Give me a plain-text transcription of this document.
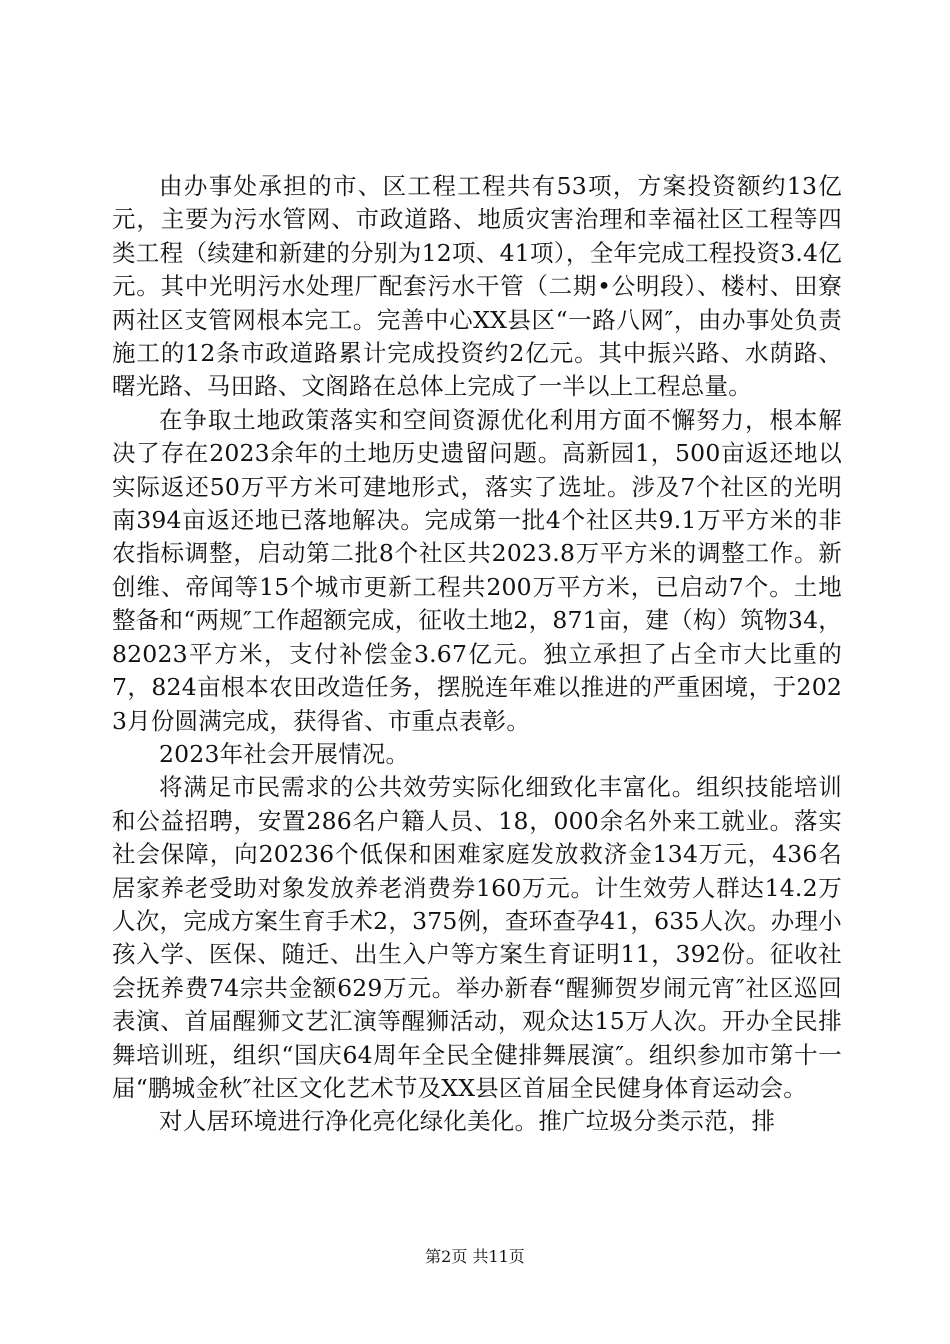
由办事处承担的市、区工程工程共有53项，方案投资额约13亿元，主要为污水管网、市政道路、地质灾害治理和幸福社区工程等四类工程（续建和新建的分别为12项、41项），全年完成工程投资3.4亿元。其中光明污水处理厂配套污水干管（二期•公明段）、楼村、田寮两社区支管网根本完工。完善中心XX县区“一路八网″，由办事处负责施工的12条市政道路累计完成投资约2亿元。其中振兴路、水荫路、曙光路、马田路、文阁路在总体上完成了一半以上工程总量。

在争取土地政策落实和空间资源优化利用方面不懈努力，根本解决了存在2023余年的土地历史遗留问题。高新园1，500亩返还地以实际返还50万平方米可建地形式，落实了选址。涉及7个社区的光明南394亩返还地已落地解决。完成第一批4个社区共9.1万平方米的非农指标调整，启动第二批8个社区共2023.8万平方米的调整工作。新创维、帝闻等15个城市更新工程共200万平方米，已启动7个。土地整备和“两规″工作超额完成，征收土地2，871亩，建（构）筑物34，82023平方米，支付补偿金3.67亿元。独立承担了占全市大比重的7，824亩根本农田改造任务，摆脱连年难以推进的严重困境，于2023月份圆满完成，获得省、市重点表彰。

2023年社会开展情况。

将满足市民需求的公共效劳实际化细致化丰富化。组织技能培训和公益招聘，安置286名户籍人员、18，000余名外来工就业。落实社会保障，向20236个低保和困难家庭发放救济金134万元，436名居家养老受助对象发放养老消费券160万元。计生效劳人群达14.2万人次，完成方案生育手术2，375例，查环查孕41，635人次。办理小孩入学、医保、随迁、出生入户等方案生育证明11，392份。征收社会抚养费74宗共金额629万元。举办新春“醒狮贺岁闹元宵″社区巡回表演、首届醒狮文艺汇演等醒狮活动，观众达15万人次。开办全民排舞培训班，组织“国庆64周年全民全健排舞展演″。组织参加市第十一届“鹏城金秋″社区文化艺术节及XX县区首届全民健身体育运动会。

对人居环境进行净化亮化绿化美化。推广垃圾分类示范，排

第2页 共11页
